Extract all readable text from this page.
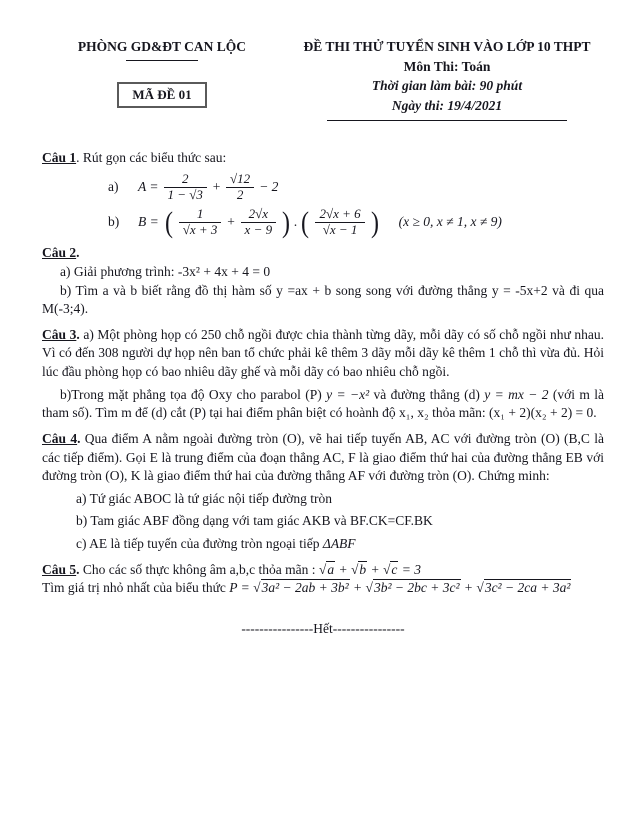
PHÒNG GD&ĐT CAN LỘC
MÃ ĐỀ 01
ĐỀ THI THỬ TUYỂN SINH VÀO LỚP 10 THPT
Môn Thi: Toán
Thời gian làm bài: 90 phút
Ngày thi: 19/4/2021

Câu 1. Rút gọn các biểu thức sau:

a)	$A = \frac{2}{1 - √3} + \frac{√12}{2} - 2$
b)	B = ( $\frac{1}{√x + 3} + \frac{2√x}{x - 9}$ ) . ( $\frac{2√x + 6}{√x - 1}$ ) (x ≥ 0, x ≠ 1, x ≠ 9)

Câu 2.

a) Giải phương trình: -3x² + 4x + 4 = 0

b) Tìm a và b biết rằng đồ thị hàm số y =ax + b song song với đường thẳng y = -5x+2 và đi qua M(-3;4).

Câu 3. a) Một phòng họp có 250 chỗ ngồi được chia thành từng dãy, mỗi dãy có số chỗ ngồi như nhau. Vì có đến 308 người dự họp nên ban tổ chức phải kê thêm 3 dãy mỗi dãy kê thêm 1 chỗ thì vừa đủ. Hỏi lúc đầu phòng họp có bao nhiêu dãy ghế và mỗi dãy có bao nhiêu chỗ ngồi.

b)Trong mặt phẳng tọa độ Oxy cho parabol (P) y = −x² và đường thẳng (d) y = mx − 2 (với m là tham số). Tìm m để (d) cắt (P) tại hai điểm phân biệt có hoành độ x₁, x₂ thỏa mãn: (x₁ + 2)(x₂ + 2) = 0.

Câu 4. Qua điểm A nằm ngoài đường tròn (O), vẽ hai tiếp tuyến AB, AC với đường tròn (O) (B,C là các tiếp điểm). Gọi E là trung điểm của đoạn thẳng AC, F là giao điểm thứ hai của đường thẳng EB với đường tròn (O), K là giao điểm thứ hai của đường thẳng AF với đường tròn (O). Chứng minh:

a) Tứ giác ABOC là tứ giác nội tiếp đường tròn
b) Tam giác ABF đồng dạng với tam giác AKB và BF.CK=CF.BK
c) AE là tiếp tuyến của đường tròn ngoại tiếp ΔABF

Câu 5. Cho các số thực không âm a,b,c thỏa mãn : √a + √b + √c = 3

Tìm giá trị nhỏ nhất của biểu thức P = √3a² − 2ab + 3b² + √3b² − 2bc + 3c² + √3c² − 2ca + 3a²

----------------Hết----------------
